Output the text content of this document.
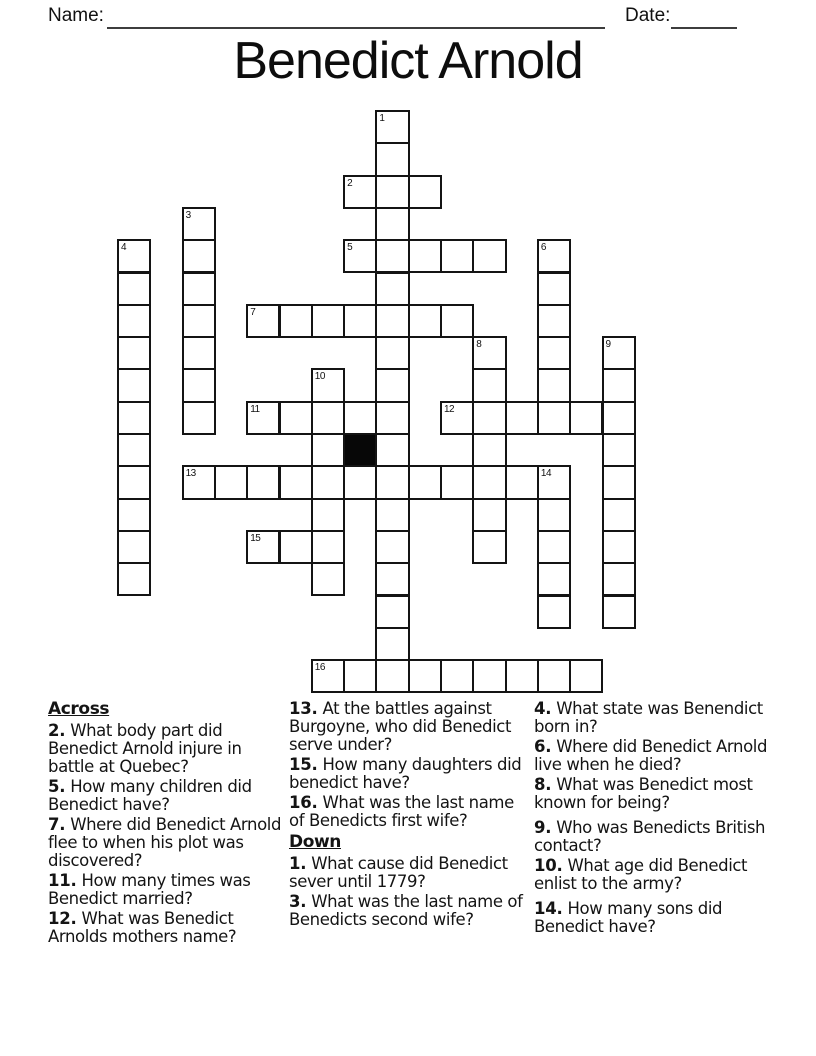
Name:	Date:
Benedict Arnold
1
2
3
4	5	6
7
8	9
10
11	12
13	14
15
16
Across

2. What body part did Benedict Arnold injure in battle at Quebec?

5. How many children did Benedict have?

7. Where did Benedict Arnold flee to when his plot was discovered?

11. How many times was Benedict married?

12. What was Benedict Arnolds mothers name?

13. At the battles against Burgoyne, who did Benedict serve under?

15. How many daughters did benedict have?

16. What was the last name of Benedicts first wife?

Down

1. What cause did Benedict sever until 1779?

3. What was the last name of Benedicts second wife?

4. What state was Benendict born in?

6. Where did Benedict Arnold live when he died?

8. What was Benedict most known for being?

9. Who was Benedicts British contact?

10. What age did Benedict enlist to the army?

14. How many sons did Benedict have?
